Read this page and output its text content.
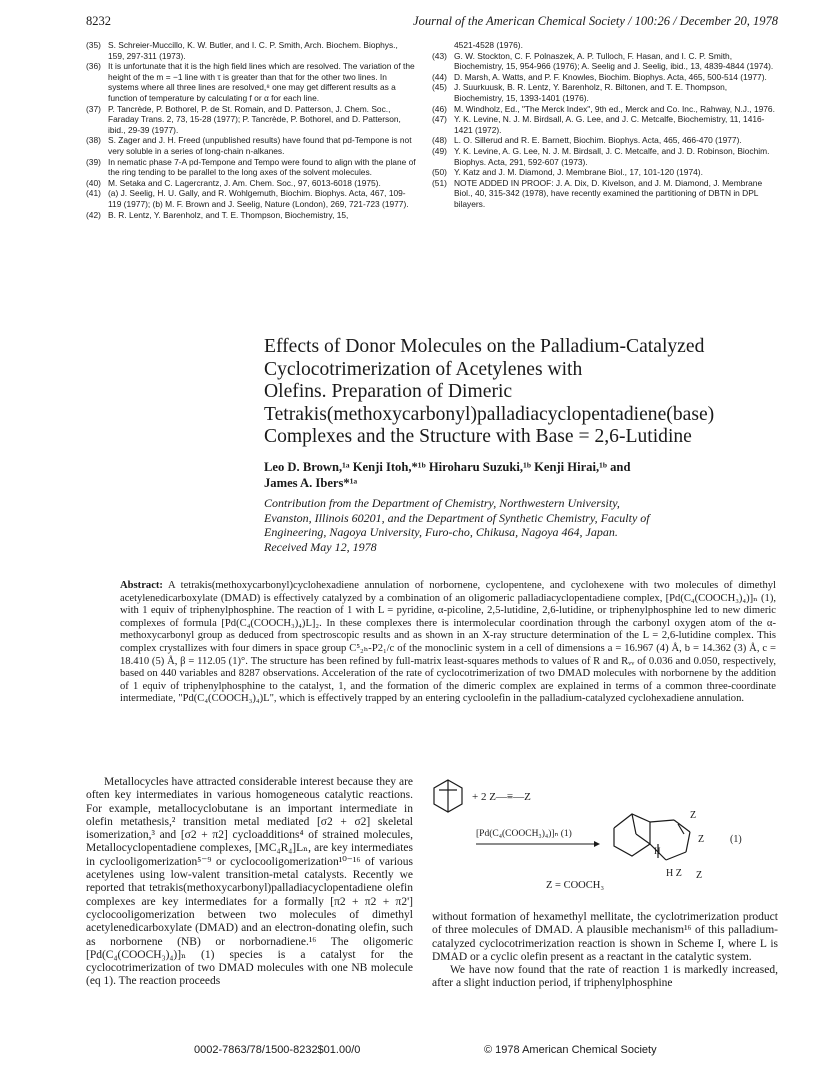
8232	Journal of the American Chemical Society / 100:26 / December 20, 1978
(35) S. Schreier-Muccillo, K. W. Butler, and I. C. P. Smith, Arch. Biochem. Biophys., 159, 297-311 (1973).
(36) It is unfortunate that it is the high field lines which are resolved. The variation of the height of the m = −1 line with τ is greater than that for the other two lines. In systems where all three lines are resolved,⁸ one may get different results as a function of temperature by calculating f or α for each line.
(37) P. Tancrède, P. Bothorel, P. de St. Romain, and D. Patterson, J. Chem. Soc., Faraday Trans. 2, 73, 15-28 (1977); P. Tancrède, P. Bothorel, and D. Patterson, ibid., 29-39 (1977).
(38) S. Zager and J. H. Freed (unpublished results) have found that pd-Tempone is not very soluble in a series of long-chain n-alkanes.
(39) In nematic phase 7-A pd-Tempone and Tempo were found to align with the plane of the ring tending to be parallel to the long axes of the solvent molecules.
(40) M. Setaka and C. Lagercrantz, J. Am. Chem. Soc., 97, 6013-6018 (1975).
(41) (a) J. Seelig, H. U. Gally, and R. Wohlgemuth, Biochim. Biophys. Acta, 467, 109-119 (1977); (b) M. F. Brown and J. Seelig, Nature (London), 269, 721-723 (1977).
(42) B. R. Lentz, Y. Barenholz, and T. E. Thompson, Biochemistry, 15,
4521-4528 (1976).
(43) G. W. Stockton, C. F. Polnaszek, A. P. Tulloch, F. Hasan, and I. C. P. Smith, Biochemistry, 15, 954-966 (1976); A. Seelig and J. Seelig, ibid., 13, 4839-4844 (1974).
(44) D. Marsh, A. Watts, and P. F. Knowles, Biochim. Biophys. Acta, 465, 500-514 (1977).
(45) J. Suurkuusk, B. R. Lentz, Y. Barenholz, R. Biltonen, and T. E. Thompson, Biochemistry, 15, 1393-1401 (1976).
(46) M. Windholz, Ed., "The Merck Index", 9th ed., Merck and Co. Inc., Rahway, N.J., 1976.
(47) Y. K. Levine, N. J. M. Birdsall, A. G. Lee, and J. C. Metcalfe, Biochemistry, 11, 1416-1421 (1972).
(48) L. O. Sillerud and R. E. Barnett, Biochim. Biophys. Acta, 465, 466-470 (1977).
(49) Y. K. Levine, A. G. Lee, N. J. M. Birdsall, J. C. Metcalfe, and J. D. Robinson, Biochim. Biophys. Acta, 291, 592-607 (1973).
(50) Y. Katz and J. M. Diamond, J. Membrane Biol., 17, 101-120 (1974).
(51) NOTE ADDED IN PROOF: J. A. Dix, D. Kivelson, and J. M. Diamond, J. Membrane Biol., 40, 315-342 (1978), have recently examined the partitioning of DBTN in DPL bilayers.
Effects of Donor Molecules on the Palladium-Catalyzed
Cyclocotrimerization of Acetylenes with
Olefins. Preparation of Dimeric
Tetrakis(methoxycarbonyl)palladiacyclopentadiene(base)
Complexes and the Structure with Base = 2,6-Lutidine
Leo D. Brown,¹ᵃ Kenji Itoh,*¹ᵇ Hiroharu Suzuki,¹ᵇ Kenji Hirai,¹ᵇ and
James A. Ibers*¹ᵃ
Contribution from the Department of Chemistry, Northwestern University,
Evanston, Illinois 60201, and the Department of Synthetic Chemistry, Faculty of
Engineering, Nagoya University, Furo-cho, Chikusa, Nagoya 464, Japan.
Received May 12, 1978
Abstract: A tetrakis(methoxycarbonyl)cyclohexadiene annulation of norbornene, cyclopentene, and cyclohexene with two molecules of dimethyl acetylenedicarboxylate (DMAD) is effectively catalyzed by a combination of an oligomeric palladiacyclopentadiene complex, [Pd(C₄(COOCH₃)₄)]ₙ (1), with 1 equiv of triphenylphosphine. The reaction of 1 with L = pyridine, α-picoline, 2,5-lutidine, 2,6-lutidine, or triphenylphosphine led to new dimeric complexes of formula [Pd(C₄(COOCH₃)₄)L]₂. In these complexes there is intermolecular coordination through the carbonyl oxygen atom of the α-methoxycarbonyl group as deduced from spectroscopic results and as shown in an X-ray structure determination of the L = 2,6-lutidine complex. This complex crystallizes with four dimers in space group C⁵₂ₕ-P2₁/c of the monoclinic system in a cell of dimensions a = 16.967 (4) Å, b = 14.362 (3) Å, c = 18.410 (5) Å, β = 112.05 (1)°. The structure has been refined by full-matrix least-squares methods to values of R and Rᵥᵥ of 0.036 and 0.050, respectively, based on 440 variables and 8287 observations. Acceleration of the rate of cyclocotrimerization of two DMAD molecules with norbornene by the addition of 1 equiv of triphenylphosphine to the catalyst, 1, and the formation of the dimeric complex are explained in terms of a common three-coordinate intermediate, "Pd(C₄(COOCH₃)₄)L", which is effectively trapped by an entering cycloolefin in the palladium-catalyzed cyclohexadiene annulation.

Metallocycles have attracted considerable interest because they are often key intermediates in various homogeneous catalytic reactions. For example, metallocyclobutane is an important intermediate in olefin metathesis,² transition metal mediated [σ2 + σ2] skeletal isomerization,³ and [σ2 + π2] cycloadditions⁴ of strained molecules, Metallocyclopentadiene complexes, [MC₄R₄]Lₙ, are key intermediates in cyclooligomerization⁵⁻⁹ or cyclocooligomerization¹⁰⁻¹⁶ of various acetylenes using low-valent transition-metal catalysts. Recently we reported that tetrakis(methoxycarbonyl)palladiacyclopentadiene olefin complexes are key intermediates for a formally [π2 + π2 + π2'] cyclocooligomerization between two molecules of dimethyl acetylenedicarboxylate (DMAD) and an electron-donating olefin, such as norbornene (NB) or norbornadiene.¹⁶ The oligomeric [Pd(C₄(COOCH₃)₄)]ₙ (1) species is a catalyst for the cyclocotrimerization of two DMAD molecules with one NB molecule (eq 1). The reaction proceeds

+ 2 Z—≡—Z
[Pd(C₄(COOCH₃)₄)]ₙ (1)
Z
Z
H
H Z Z
(1)
Z = COOCH₃

without formation of hexamethyl mellitate, the cyclotrimerization product of three molecules of DMAD. A plausible mechanism¹⁶ of this palladium-catalyzed cyclocotrimerization reaction is shown in Scheme I, where L is DMAD or a cyclic olefin present as a reactant in the catalytic system.

We have now found that the rate of reaction 1 is markedly increased, after a slight induction period, if triphenylphosphine

0002-7863/78/1500-8232$01.00/0	© 1978 American Chemical Society
